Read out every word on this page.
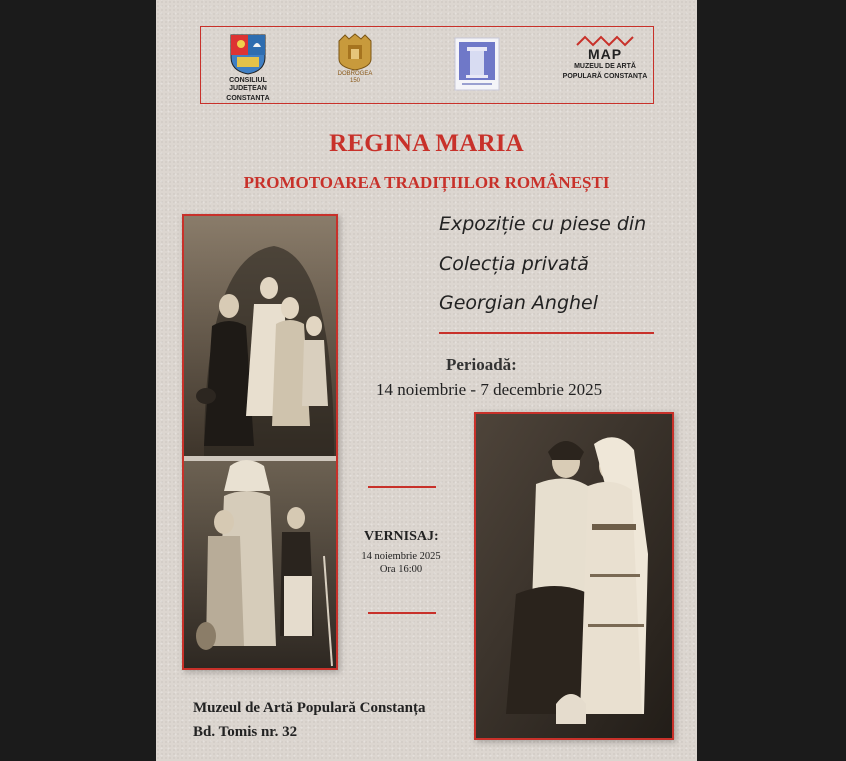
CONSILIUL JUDEȚEAN
CONSTANȚA
DOBROGEA
150
MAP
MUZEUL DE ARTĂ
POPULARĂ CONSTANȚA
REGINA MARIA
PROMOTOAREA TRADIȚIILOR ROMÂNEȘTI
Expoziție cu piese din
Colecția privată
Georgian Anghel
Perioadă:
14 noiembrie - 7 decembrie 2025
VERNISAJ:
14 noiembrie 2025
Ora 16:00
Muzeul de Artă Populară Constanța
Bd. Tomis nr. 32
